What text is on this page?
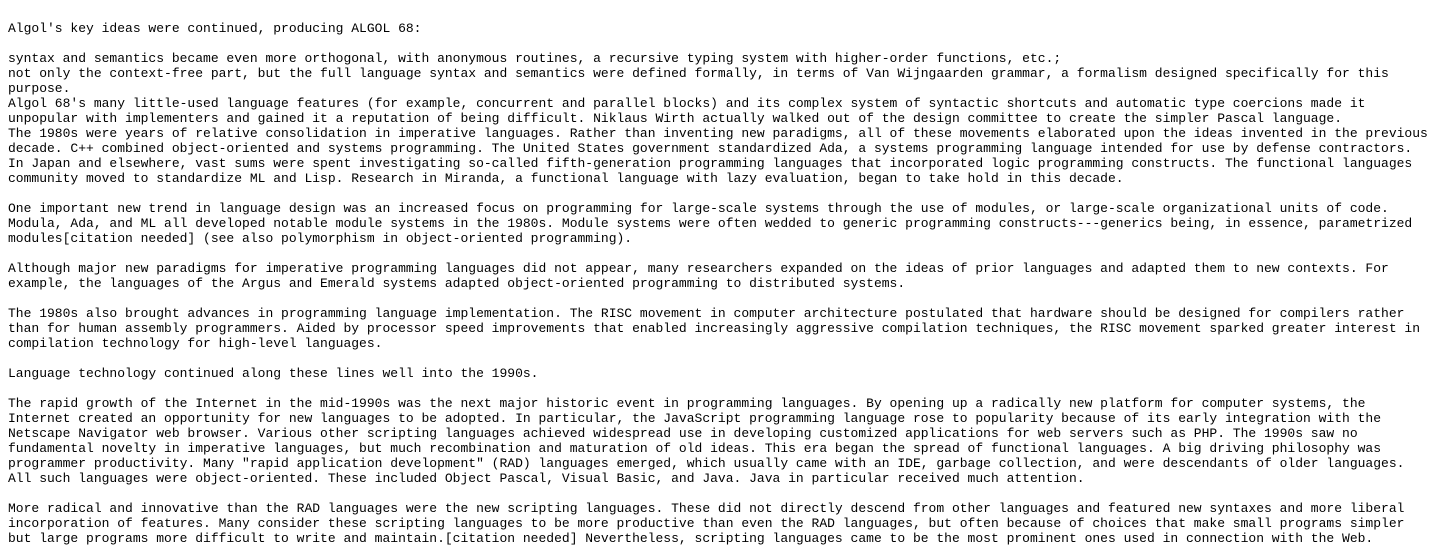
Algol's key ideas were continued, producing ALGOL 68:
syntax and semantics became even more orthogonal, with anonymous routines, a recursive typing system with higher-order functions, etc.;
not only the context-free part, but the full language syntax and semantics were defined formally, in terms of Van Wijngaarden grammar, a formalism designed specifically for this
purpose.
Algol 68's many little-used language features (for example, concurrent and parallel blocks) and its complex system of syntactic shortcuts and automatic type coercions made it
unpopular with implementers and gained it a reputation of being difficult. Niklaus Wirth actually walked out of the design committee to create the simpler Pascal language.
The 1980s were years of relative consolidation in imperative languages. Rather than inventing new paradigms, all of these movements elaborated upon the ideas invented in the previous
decade. C++ combined object-oriented and systems programming. The United States government standardized Ada, a systems programming language intended for use by defense contractors.
In Japan and elsewhere, vast sums were spent investigating so-called fifth-generation programming languages that incorporated logic programming constructs. The functional languages
community moved to standardize ML and Lisp. Research in Miranda, a functional language with lazy evaluation, began to take hold in this decade.
One important new trend in language design was an increased focus on programming for large-scale systems through the use of modules, or large-scale organizational units of code.
Modula, Ada, and ML all developed notable module systems in the 1980s. Module systems were often wedded to generic programming constructs---generics being, in essence, parametrized
modules[citation needed] (see also polymorphism in object-oriented programming).
Although major new paradigms for imperative programming languages did not appear, many researchers expanded on the ideas of prior languages and adapted them to new contexts. For
example, the languages of the Argus and Emerald systems adapted object-oriented programming to distributed systems.
The 1980s also brought advances in programming language implementation. The RISC movement in computer architecture postulated that hardware should be designed for compilers rather
than for human assembly programmers. Aided by processor speed improvements that enabled increasingly aggressive compilation techniques, the RISC movement sparked greater interest in
compilation technology for high-level languages.
Language technology continued along these lines well into the 1990s.
The rapid growth of the Internet in the mid-1990s was the next major historic event in programming languages. By opening up a radically new platform for computer systems, the
Internet created an opportunity for new languages to be adopted. In particular, the JavaScript programming language rose to popularity because of its early integration with the
Netscape Navigator web browser. Various other scripting languages achieved widespread use in developing customized applications for web servers such as PHP. The 1990s saw no
fundamental novelty in imperative languages, but much recombination and maturation of old ideas. This era began the spread of functional languages. A big driving philosophy was
programmer productivity. Many "rapid application development" (RAD) languages emerged, which usually came with an IDE, garbage collection, and were descendants of older languages.
All such languages were object-oriented. These included Object Pascal, Visual Basic, and Java. Java in particular received much attention.
More radical and innovative than the RAD languages were the new scripting languages. These did not directly descend from other languages and featured new syntaxes and more liberal
incorporation of features. Many consider these scripting languages to be more productive than even the RAD languages, but often because of choices that make small programs simpler
but large programs more difficult to write and maintain.[citation needed] Nevertheless, scripting languages came to be the most prominent ones used in connection with the Web.
